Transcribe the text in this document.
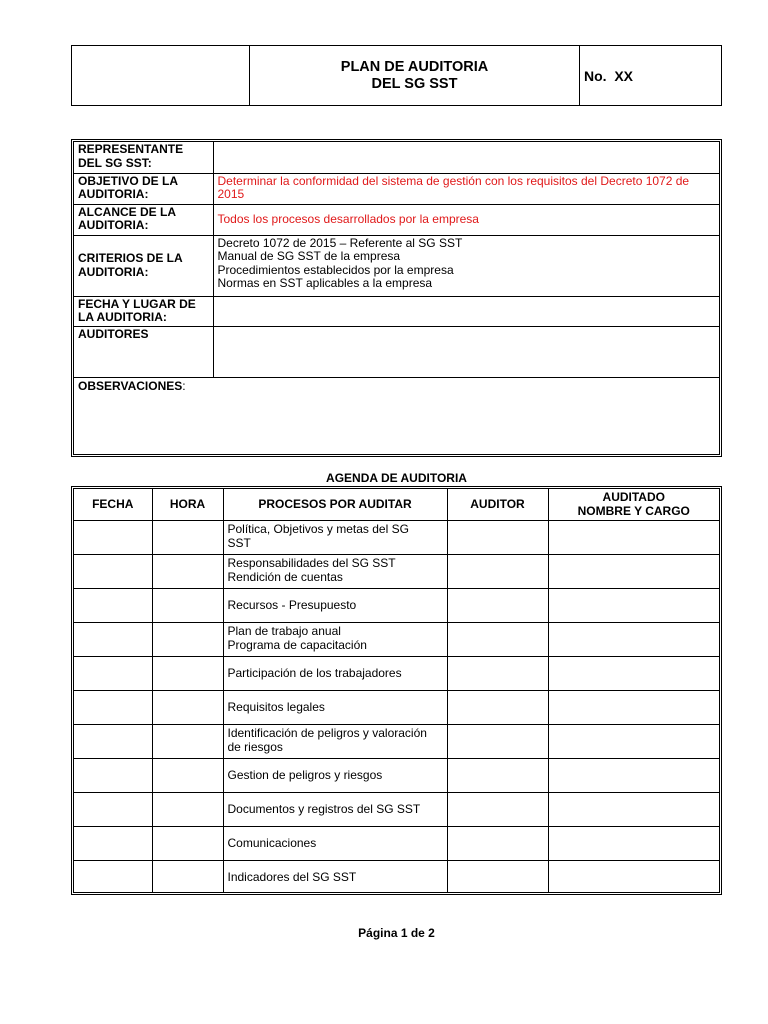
PLAN DE AUDITORIA
DEL SG SST	No.  XX
REPRESENTANTE DEL SG SST:	
OBJETIVO DE LA AUDITORIA:	Determinar la conformidad del sistema de gestión con los requisitos del Decreto 1072 de 2015
ALCANCE DE LA AUDITORIA:	Todos los procesos desarrollados por la empresa
CRITERIOS DE LA AUDITORIA:	Decreto 1072 de 2015 – Referente al SG SST
Manual de SG SST de la empresa
Procedimientos establecidos por la empresa
Normas en SST aplicables a la empresa

FECHA Y LUGAR DE LA AUDITORIA:	
AUDITORES	
OBSERVACIONES:	
AGENDA DE AUDITORIA
FECHA	HORA	PROCESOS POR AUDITAR	AUDITOR	AUDITADO
NOMBRE Y CARGO

		Política, Objetivos y metas del SG
SST		

		Responsabilidades del SG SST
Rendición de cuentas		

		Recursos - Presupuesto		

		Plan de trabajo anual
Programa de capacitación		

		Participación de los trabajadores		

		Requisitos legales		

		Identificación de peligros y valoración
de riesgos		

		Gestion de peligros y riesgos		

		Documentos y registros del SG SST		

		Comunicaciones		

		Indicadores del SG SST		

Página 1 de 2
